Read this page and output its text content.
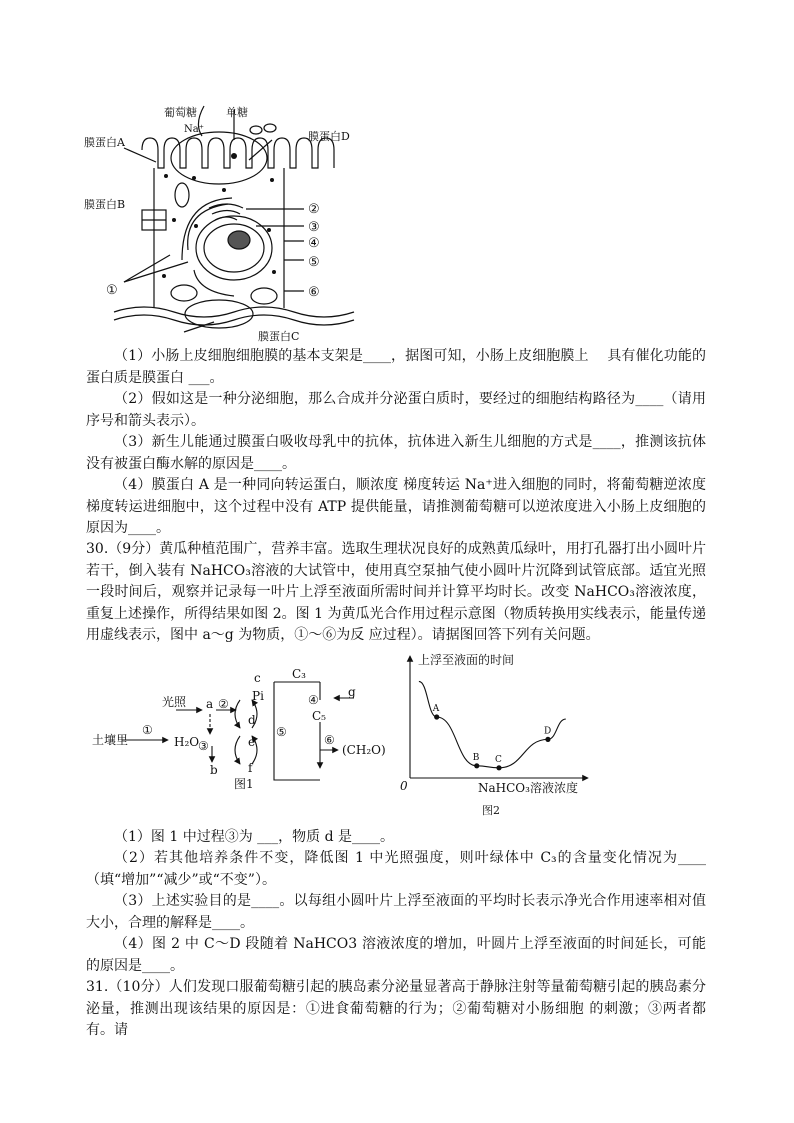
葡萄糖	单糖
Na⁺
膜蛋白A	膜蛋白D
膜蛋白B
膜蛋白C
②
③
④
⑤
⑥
①

（1）小肠上皮细胞细胞膜的基本支架是____，据图可知，小肠上皮细胞膜上　 具有催化功能的蛋白质是膜蛋白 ___。

（2）假如这是一种分泌细胞，那么合成并分泌蛋白质时，要经过的细胞结构路径为____（请用序号和箭头表示）。

（3）新生儿能通过膜蛋白吸收母乳中的抗体，抗体进入新生儿细胞的方式是____，推测该抗体没有被蛋白酶水解的原因是____。

（4）膜蛋白 A 是一种同向转运蛋白，顺浓度 梯度转运 Na⁺进入细胞的同时，将葡萄糖逆浓度梯度转运进细胞中，这个过程中没有 ATP 提供能量，请推测葡萄糖可以逆浓度进入小肠上皮细胞的原因为____。

30.（9分）黄瓜种植范围广，营养丰富。选取生理状况良好的成熟黄瓜绿叶，用打孔器打出小圆叶片若干，倒入装有 NaHCO₃溶液的大试管中，使用真空泵抽气使小圆叶片沉降到试管底部。适宜光照一段时间后，观察并记录每一叶片上浮至液面所需时间并计算平均时长。改变 NaHCO₃溶液浓度，重复上述操作，所得结果如图 2。图 1 为黄瓜光合作用过程示意图（物质转换用实线表示，能量传递用虚线表示，图中 a～g 为物质，①～⑥为反 应过程）。请据图回答下列有关问题。

土壤里
①
光照 a
H₂O
③
b
②
c
Pi
d
e
f
⑤
C₃
④
C₅
g
⑥
(CH₂O)
图1
上浮至液面的时间
NaHCO₃溶液浓度
0
图2
A
B C
D

（1）图 1 中过程③为 ___，物质 d 是____。

（2）若其他培养条件不变，降低图 1 中光照强度，则叶绿体中 C₃的含量变化情况为____（填“增加”“减少”或“不变”）。

（3）上述实验目的是____。以每组小圆叶片上浮至液面的平均时长表示净光合作用速率相对值大小，合理的解释是____。

（4）图 2 中 C～D 段随着 NaHCO3 溶液浓度的增加，叶圆片上浮至液面的时间延长，可能的原因是____。

31.（10分）人们发现口服葡萄糖引起的胰岛素分泌量显著高于静脉注射等量葡萄糖引起的胰岛素分泌量，推测出现该结果的原因是：①进食葡萄糖的行为；②葡萄糖对小肠细胞 的刺激；③两者都有。请
